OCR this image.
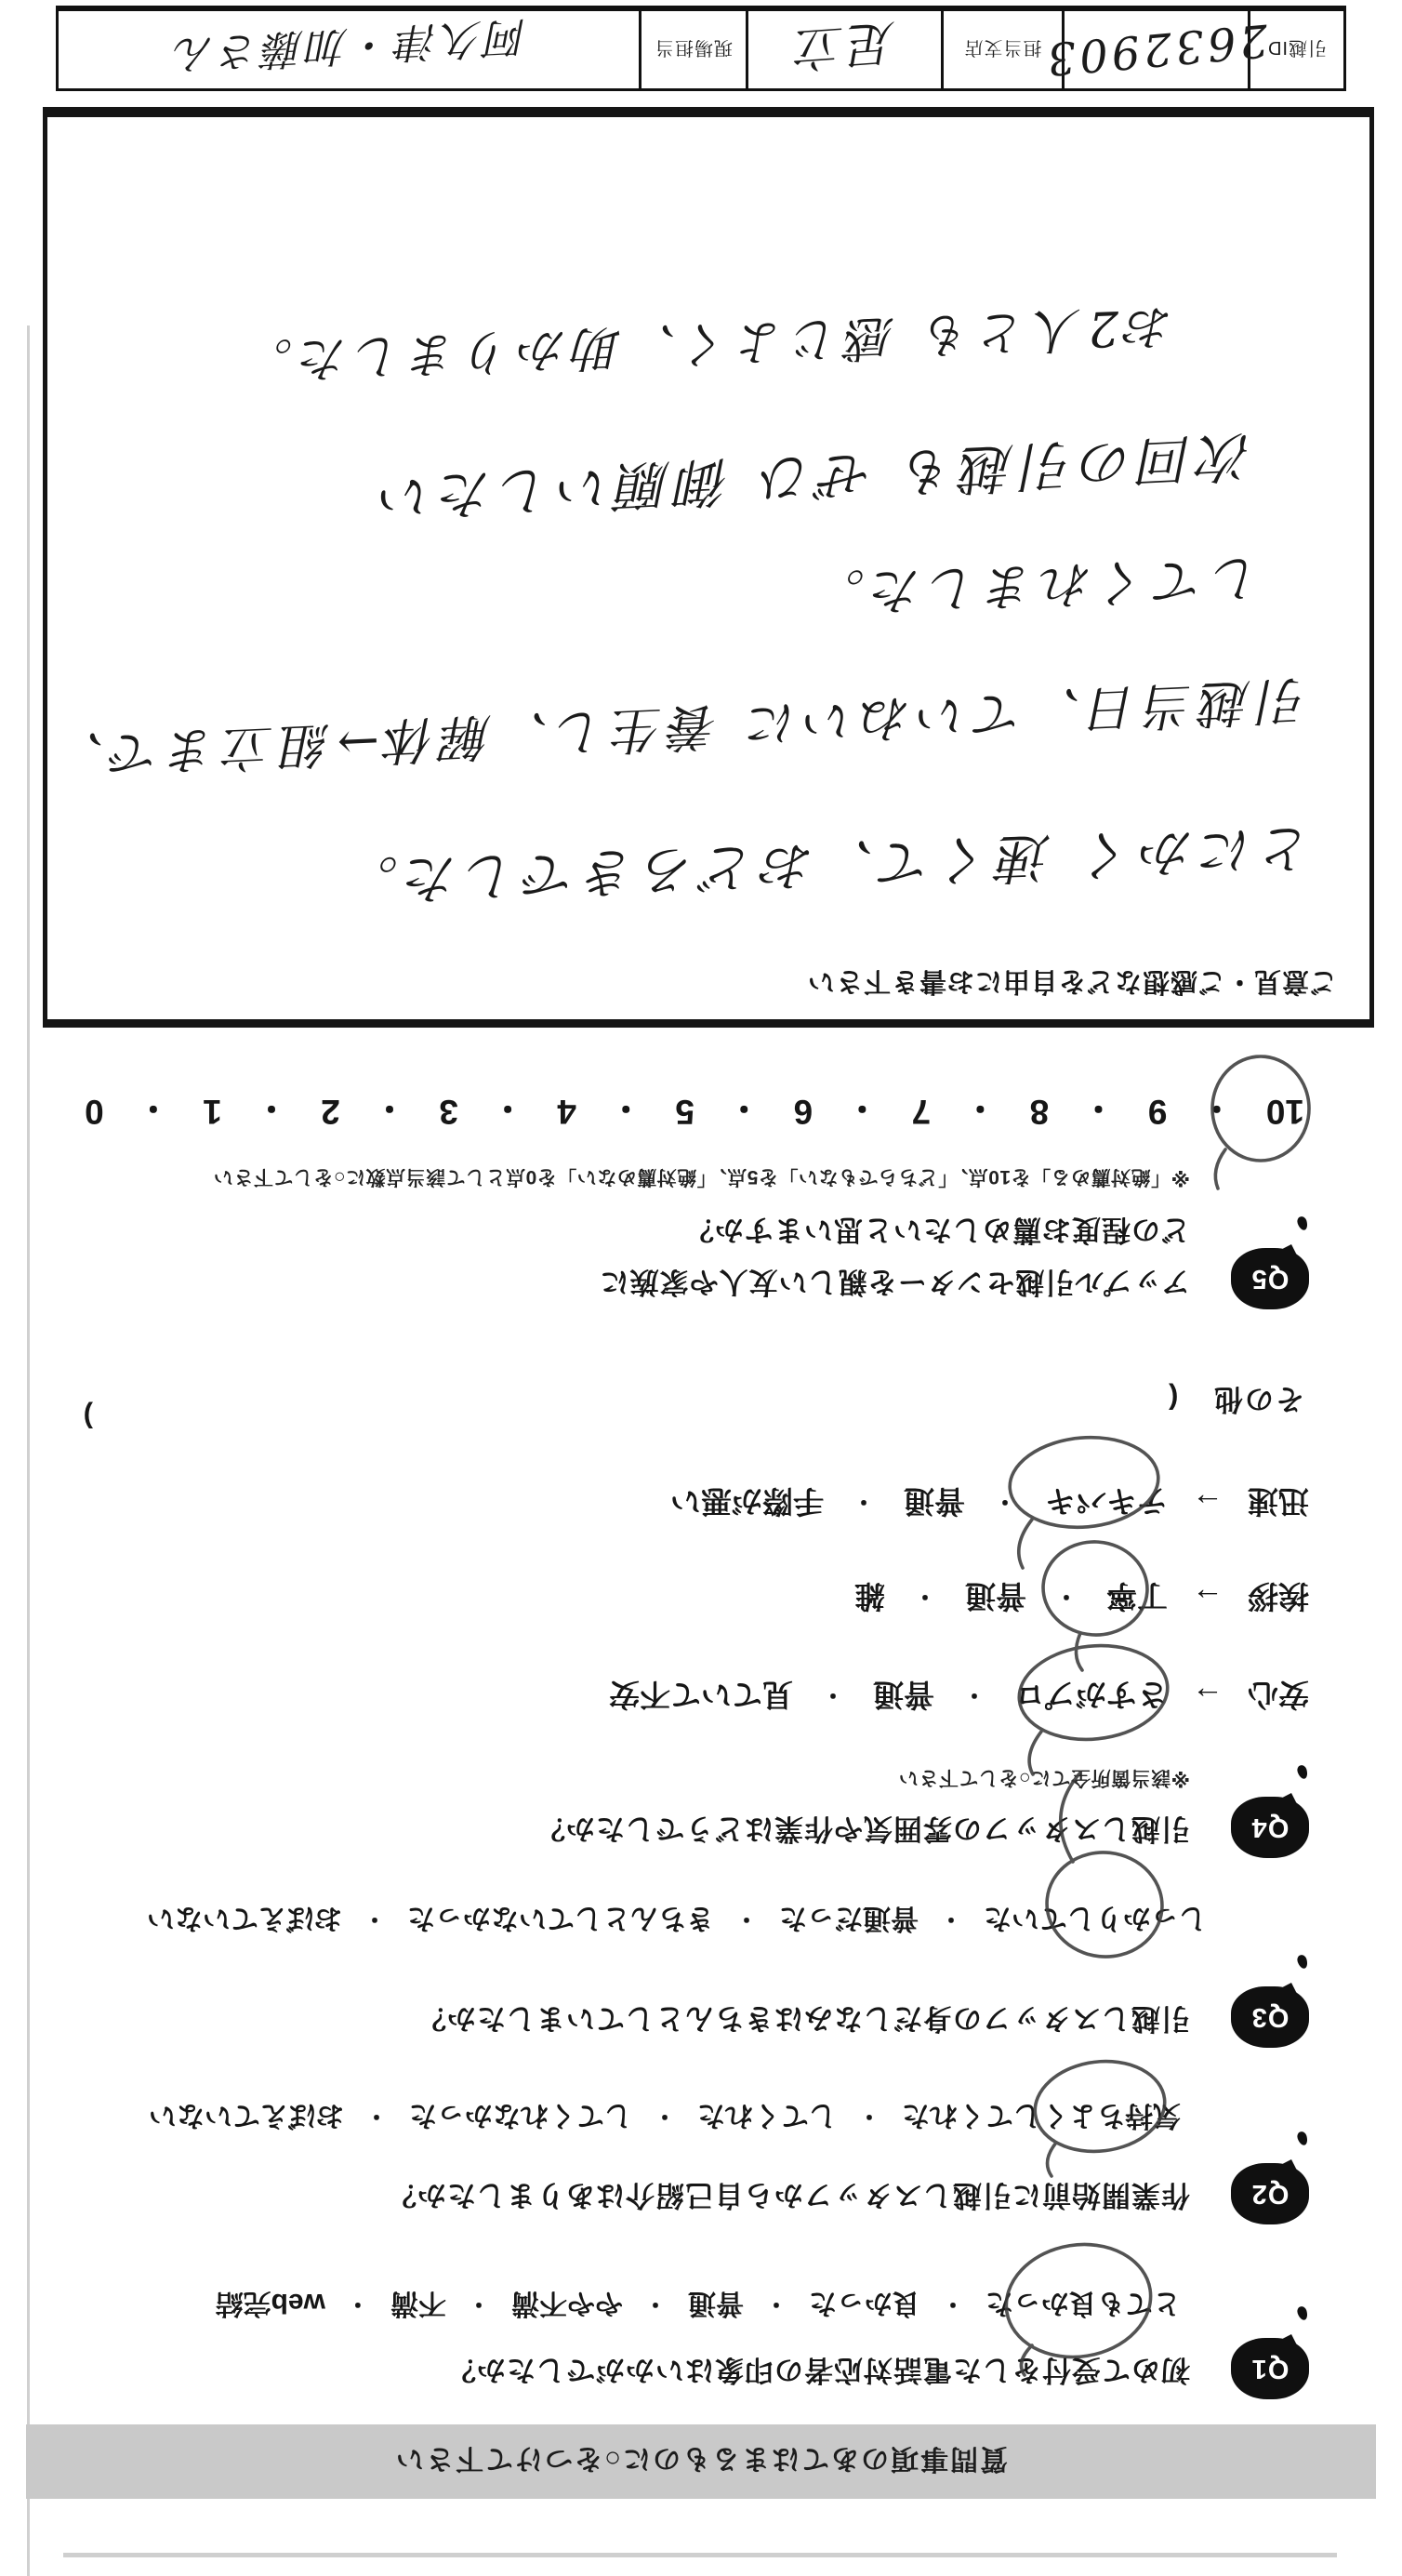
質問事項のあてはまるものに○をつけて下さい
Q1
初めて受付をした電話対応者の印象はいかがでしたか？
とても良かった
・
良かった
・
普通
・
やや不満
・
不満
・
web完結
Q2
作業開始前に引越しスタッフから自己紹介はありましたか？
気持ちよくしてくれた
・
してくれた
・
してくれなかった
・
おぼえていない
Q3
引越しスタッフの身だしなみはきちんとしていましたか？
しっかりしていた
・
普通だった
・
きちんとしていなかった
・
おぼえていない
Q4
引越しスタッフの雰囲気や作業はどうでしたか？
※該当箇所全てに○をして下さい
安心
→
さすがプロ
・
普通
・
見ていて不安
挨拶
→
丁寧
・
普通
・
雑
迅速
→
テキパキ
・
普通
・
手際が悪い
その他 (
)
Q5
アップル引越センターを親しい友人や家族に
どの程度お薦めしたいと思いますか？
※「絶対薦める」を10点、「どちらでもない」を5点、「絶対薦めない」を0点として該当点数に○をして下さい
10
・
9
・
8
・
7
・
6
・
5
・
4
・
3
・
2
・
1
・
0
ご意見・ご感想などを自由にお書き下さい
とにかく 速くて、おどろきでした。
引越当日、ていねいに 養生し、解体→組立まで、
してくれました。
次回の引越も ぜひ 御願いしたい
お2人とも 感じよく、助かりました。
引越ID
2632903
担当支店
足立
現場担当
阿久津・加藤さん
